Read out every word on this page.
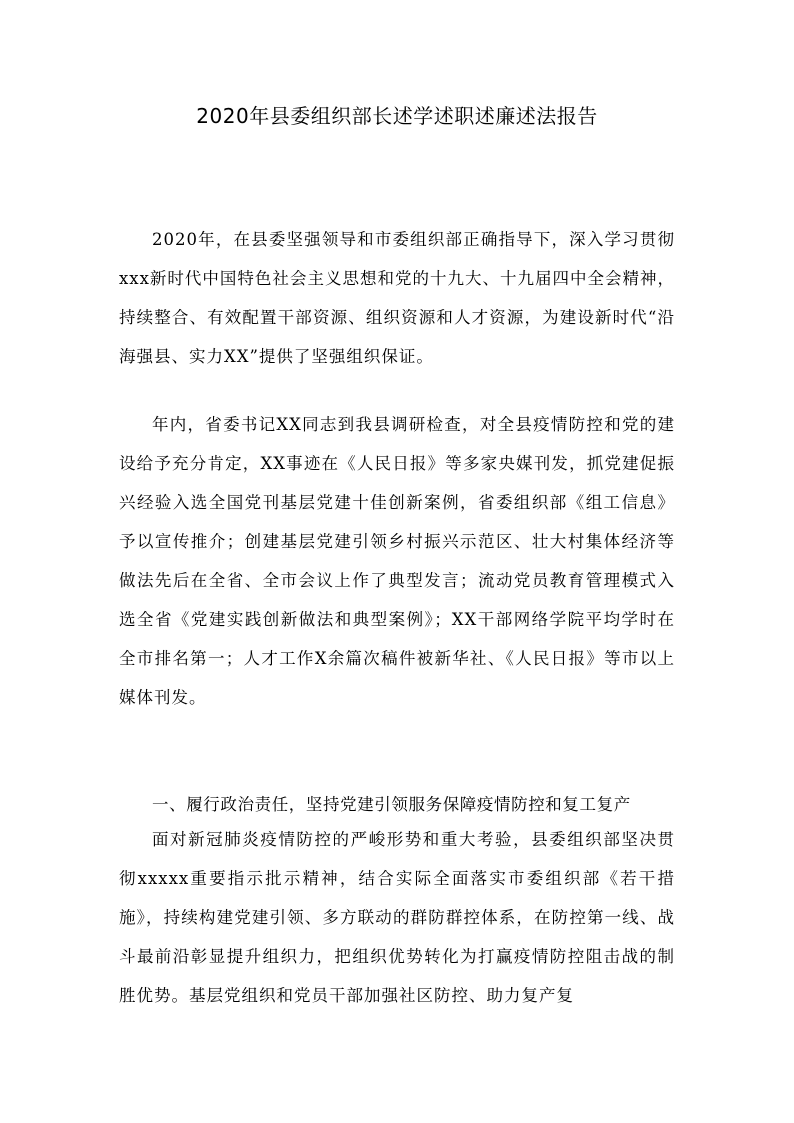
2020年县委组织部长述学述职述廉述法报告

2020年，在县委坚强领导和市委组织部正确指导下，深入学习贯彻xxx新时代中国特色社会主义思想和党的十九大、十九届四中全会精神，持续整合、有效配置干部资源、组织资源和人才资源，为建设新时代“沿海强县、实力XX”提供了坚强组织保证。

年内，省委书记XX同志到我县调研检查，对全县疫情防控和党的建设给予充分肯定，XX事迹在《人民日报》等多家央媒刊发，抓党建促振兴经验入选全国党刊基层党建十佳创新案例，省委组织部《组工信息》予以宣传推介；创建基层党建引领乡村振兴示范区、壮大村集体经济等做法先后在全省、全市会议上作了典型发言；流动党员教育管理模式入选全省《党建实践创新做法和典型案例》；XX干部网络学院平均学时在全市排名第一；人才工作X余篇次稿件被新华社、《人民日报》等市以上媒体刊发。

一、履行政治责任，坚持党建引领服务保障疫情防控和复工复产

面对新冠肺炎疫情防控的严峻形势和重大考验，县委组织部坚决贯彻xxxxx重要指示批示精神，结合实际全面落实市委组织部《若干措施》，持续构建党建引领、多方联动的群防群控体系，在防控第一线、战斗最前沿彰显提升组织力，把组织优势转化为打赢疫情防控阻击战的制胜优势。基层党组织和党员干部加强社区防控、助力复产复
